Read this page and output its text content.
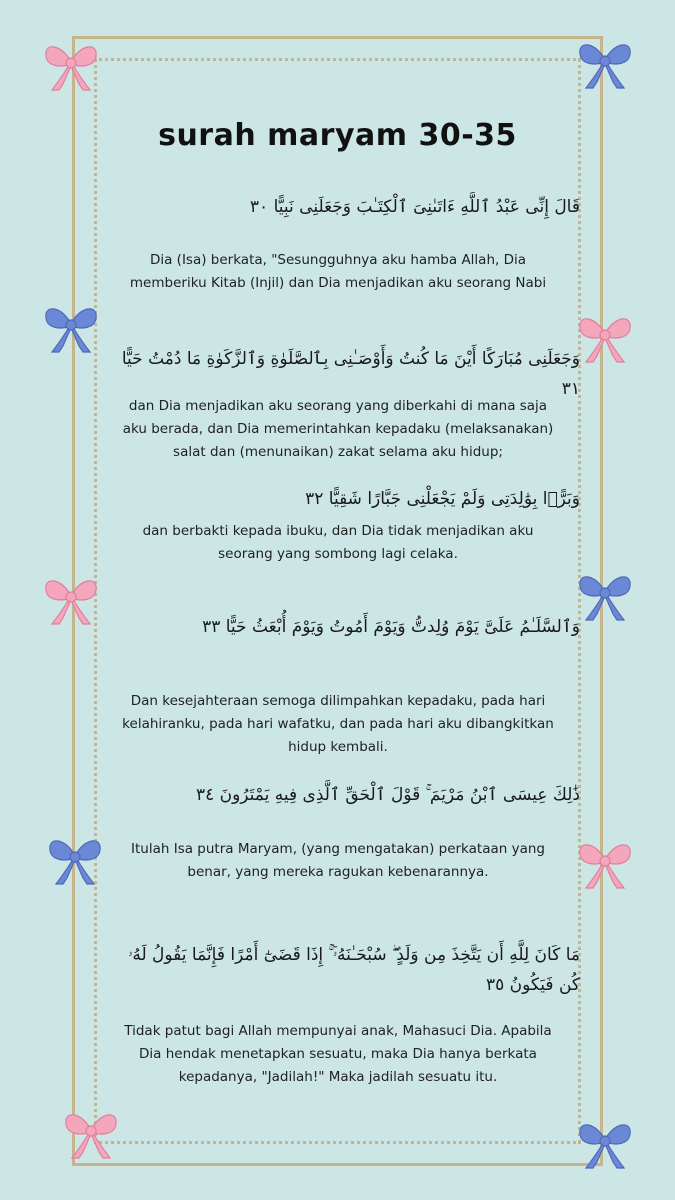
surah maryam 30-35
قَالَ إِنِّى عَبْدُ ٱللَّهِ ءَاتَىٰنِىَ ٱلْكِتَـٰبَ وَجَعَلَنِى نَبِيًّا ٣٠
Dia (Isa) berkata, "Sesungguhnya aku hamba Allah, Dia memberiku Kitab (Injil) dan Dia menjadikan aku seorang Nabi
وَجَعَلَنِى مُبَارَكًا أَيْنَ مَا كُنتُ وَأَوْصَـٰنِى بِٱلصَّلَوٰةِ وَٱلزَّكَوٰةِ مَا دُمْتُ حَيًّا ٣١
dan Dia menjadikan aku seorang yang diberkahi di mana saja aku berada, dan Dia memerintahkan kepadaku (melaksanakan) salat dan (menunaikan) zakat selama aku hidup;
وَبَرًّۢا بِوَٰلِدَتِى وَلَمْ يَجْعَلْنِى جَبَّارًا شَقِيًّا ٣٢
dan berbakti kepada ibuku, dan Dia tidak menjadikan aku seorang yang sombong lagi celaka.
وَٱلسَّلَـٰمُ عَلَىَّ يَوْمَ وُلِدتُّ وَيَوْمَ أَمُوتُ وَيَوْمَ أُبْعَثُ حَيًّا ٣٣
Dan kesejahteraan semoga dilimpahkan kepadaku, pada hari kelahiranku, pada hari wafatku, dan pada hari aku dibangkitkan hidup kembali.
ذَٰلِكَ عِيسَى ٱبْنُ مَرْيَمَ ۚ قَوْلَ ٱلْحَقِّ ٱلَّذِى فِيهِ يَمْتَرُونَ ٣٤
Itulah Isa putra Maryam, (yang mengatakan) perkataan yang benar, yang mereka ragukan kebenarannya.
مَا كَانَ لِلَّهِ أَن يَتَّخِذَ مِن وَلَدٍ ۖ سُبْحَـٰنَهُۥٓ ۚ إِذَا قَضَىٰٓ أَمْرًا فَإِنَّمَا يَقُولُ لَهُۥ كُن فَيَكُونُ ٣٥
Tidak patut bagi Allah mempunyai anak, Mahasuci Dia. Apabila Dia hendak menetapkan sesuatu, maka Dia hanya berkata kepadanya, "Jadilah!" Maka jadilah sesuatu itu.
